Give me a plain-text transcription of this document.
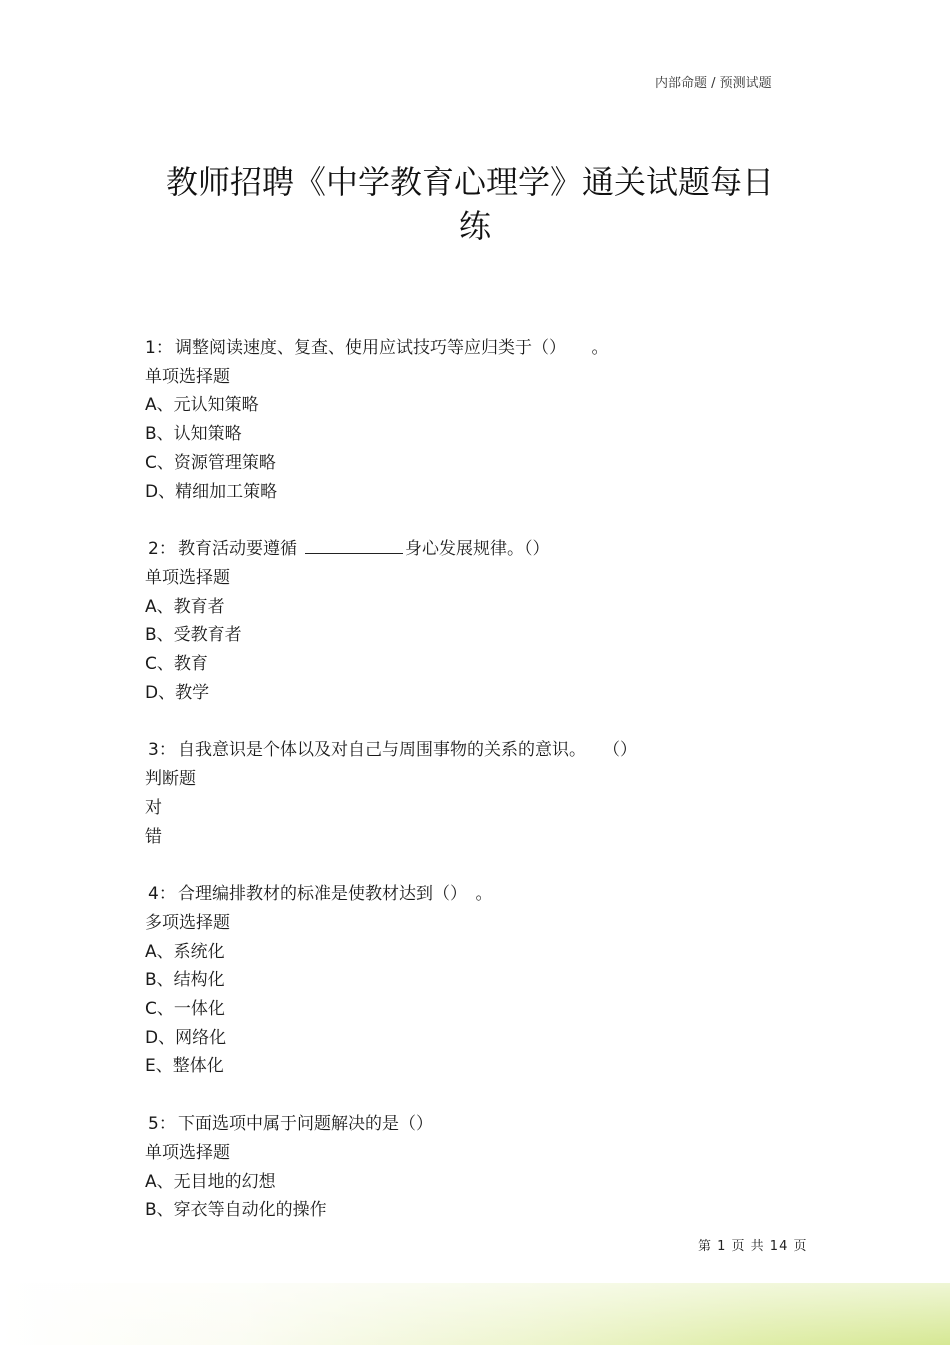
内部命题 / 预测试题
教师招聘《中学教育心理学》通关试题每日
练
1： 调整阅读速度、复查、使用应试技巧等应归类于（）　　。
单项选择题
A、元认知策略
B、认知策略
C、资源管理策略
D、精细加工策略
2： 教育活动要遵循	身心发展规律。（）
单项选择题
A、教育者
B、受教育者
C、教育
D、教学
3： 自我意识是个体以及对自己与周围事物的关系的意识。　　（）
判断题
对
错
4： 合理编排教材的标准是使教材达到（）　。
多项选择题
A、系统化
B、结构化
C、一体化
D、网络化
E、整体化
5： 下面选项中属于问题解决的是（）
单项选择题
A、无目地的幻想
B、穿衣等自动化的操作
第 1 页 共 14 页
